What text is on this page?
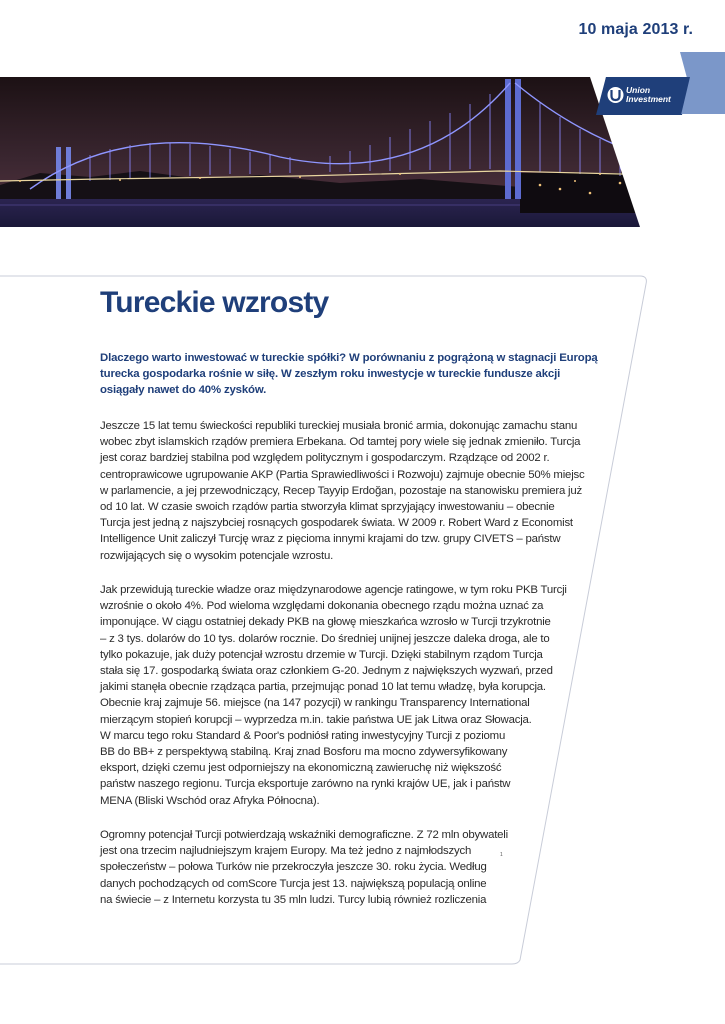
10 maja 2013 r.
Union
Investment
Tureckie wzrosty

Dlaczego warto inwestować w tureckie spółki? W porównaniu z pogrążoną w stagnacji Europą turecka gospodarka rośnie w siłę. W zeszłym roku inwestycje w tureckie fundusze akcji osiągały nawet do 40% zysków.

Jeszcze 15 lat temu świeckości republiki tureckiej musiała bronić armia, dokonując zamachu stanu
wobec zbyt islamskich rządów premiera Erbekana. Od tamtej pory wiele się jednak zmieniło. Turcja
jest coraz bardziej stabilna pod względem politycznym i gospodarczym. Rządzące od 2002 r.
centroprawicowe ugrupowanie AKP (Partia Sprawiedliwości i Rozwoju) zajmuje obecnie 50% miejsc
w parlamencie, a jej przewodniczący, Recep Tayyip Erdoğan, pozostaje na stanowisku premiera już
od 10 lat. W czasie swoich rządów partia stworzyła klimat sprzyjający inwestowaniu – obecnie
Turcja jest jedną z najszybciej rosnących gospodarek świata. W 2009 r. Robert Ward z Economist
Intelligence Unit zaliczył Turcję wraz z pięcioma innymi krajami do tzw. grupy CIVETS – państw
rozwijających się o wysokim potencjale wzrostu.
Jak przewidują tureckie władze oraz międzynarodowe agencje ratingowe, w tym roku PKB Turcji
wzrośnie o około 4%. Pod wieloma względami dokonania obecnego rządu można uznać za
imponujące. W ciągu ostatniej dekady PKB na głowę mieszkańca wzrosło w Turcji trzykrotnie
– z 3 tys. dolarów do 10 tys. dolarów rocznie. Do średniej unijnej jeszcze daleka droga, ale to
tylko pokazuje, jak duży potencjał wzrostu drzemie w Turcji. Dzięki stabilnym rządom Turcja
stała się 17. gospodarką świata oraz członkiem G-20. Jednym z największych wyzwań, przed
jakimi stanęła obecnie rządząca partia, przejmując ponad 10 lat temu władzę, była korupcja.
Obecnie kraj zajmuje 56. miejsce (na 147 pozycji) w rankingu Transparency International
mierzącym stopień korupcji – wyprzedza m.in. takie państwa UE jak Litwa oraz Słowacja.
W marcu tego roku Standard & Poor's podniósł rating inwestycyjny Turcji z poziomu
BB do BB+ z perspektywą stabilną. Kraj znad Bosforu ma mocno zdywersyfikowany
eksport, dzięki czemu jest odporniejszy na ekonomiczną zawieruchę niż większość
państw naszego regionu. Turcja eksportuje zarówno na rynki krajów UE, jak i państw
MENA (Bliski Wschód oraz Afryka Północna).
Ogromny potencjał Turcji potwierdzają wskaźniki demograficzne. Z 72 mln obywateli
jest ona trzecim najludniejszym krajem Europy. Ma też jedno z najmłodszych
społeczeństw – połowa Turków nie przekroczyła jeszcze 30. roku życia. Według
danych pochodzących od comScore Turcja jest 13. największą populacją online
na świecie – z Internetu korzysta tu 35 mln ludzi. Turcy lubią również rozliczenia
1
